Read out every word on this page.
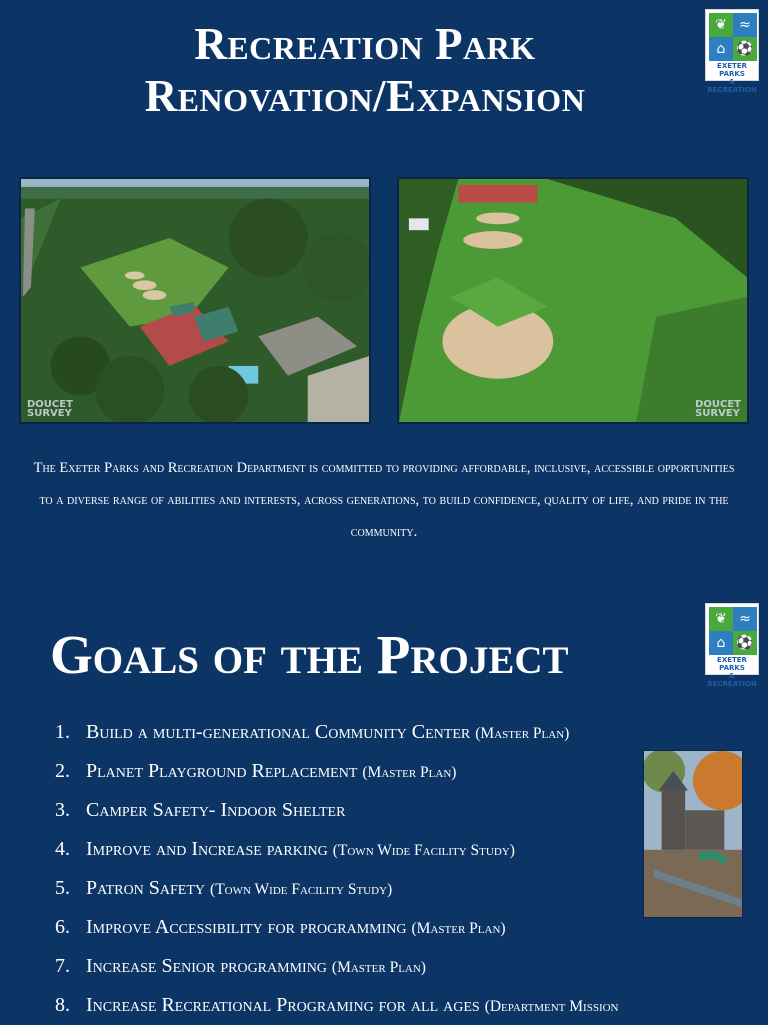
Recreation Park
Renovation/Expansion
❦ ≈
⌂ ⚽
EXETER PARKS
& RECREATION
DOUCET
SURVEY
DOUCET
SURVEY

The Exeter Parks and Recreation Department is committed to providing affordable, inclusive, accessible opportunities to a diverse range of abilities and interests, across generations, to build confidence, quality of life, and pride in the community.

❦ ≈
⌂ ⚽
EXETER PARKS
& RECREATION
Goals of the Project
1. Build a multi-generational Community Center (Master Plan)
2. Planet Playground Replacement (Master Plan)
3. Camper Safety- Indoor Shelter
4. Improve and Increase parking (Town Wide Facility Study)
5. Patron Safety (Town Wide Facility Study)
6. Improve Accessibility for programming (Master Plan)
7. Increase Senior programming (Master Plan)
8. Increase Recreational Programing for all ages (Department Mission
